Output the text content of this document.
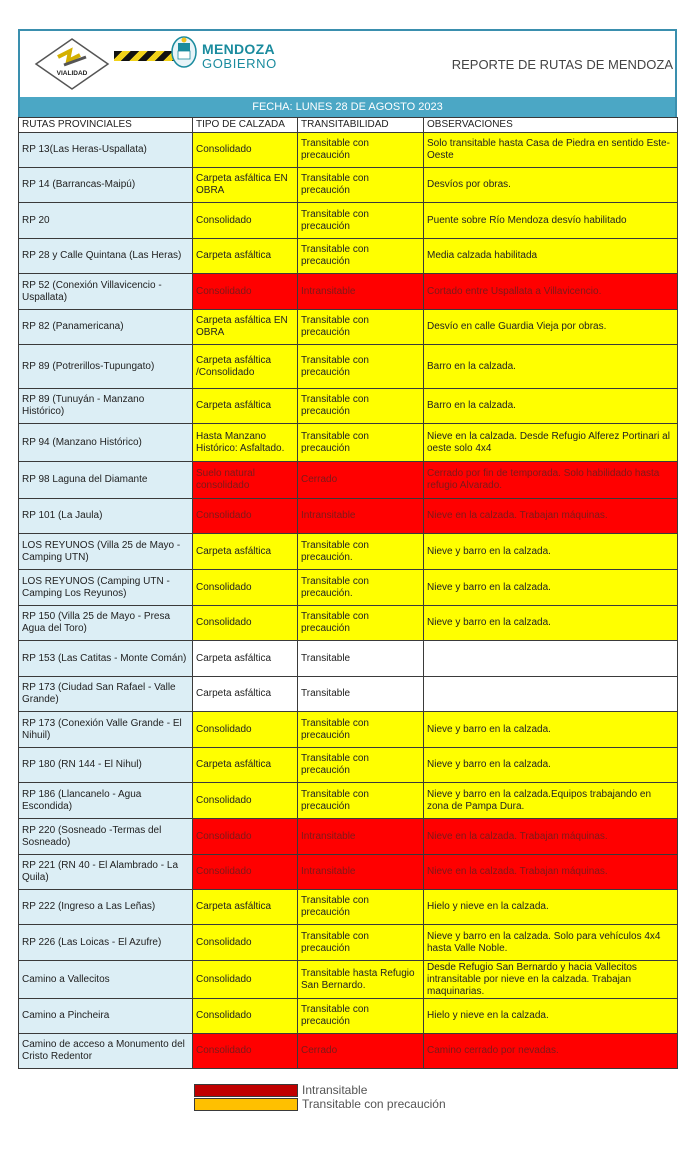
VIALIDAD
MENDOZA
GOBIERNO	REPORTE DE RUTAS DE MENDOZA
FECHA: LUNES 28 DE AGOSTO 2023
RUTAS PROVINCIALES	TIPO DE CALZADA	TRANSITABILIDAD	OBSERVACIONES
RP 13(Las Heras-Uspallata)	Consolidado	Transitable con precaución	Solo transitable hasta Casa de Piedra en sentido Este-Oeste
RP 14 (Barrancas-Maipú)	Carpeta asfáltica EN OBRA	Transitable con precaución	Desvíos por obras.
RP 20	Consolidado	Transitable con precaución	Puente sobre Río Mendoza desvío habilitado
RP 28 y Calle Quintana (Las Heras)	Carpeta asfáltica	Transitable con precaución	Media calzada habilitada
RP 52 (Conexión Villavicencio - Uspallata)	Consolidado	Intransitable	Cortado entre Uspallata a Villavicencio.
RP 82 (Panamericana)	Carpeta asfáltica EN OBRA	Transitable con precaución	Desvío en calle Guardia Vieja por obras.
RP 89 (Potrerillos-Tupungato)	Carpeta asfáltica /Consolidado	Transitable con precaución	Barro en la calzada.
RP 89 (Tunuyán - Manzano Histórico)	Carpeta asfáltica	Transitable con precaución	Barro en la calzada.
RP 94 (Manzano Histórico)	Hasta Manzano Histórico: Asfaltado.	Transitable con precaución	Nieve en la calzada. Desde Refugio Alferez Portinari al oeste solo 4x4
RP 98 Laguna del Diamante	Suelo natural consolidado	Cerrado	Cerrado por fin de temporada. Solo habilidado hasta refugio Alvarado.
RP 101 (La Jaula)	Consolidado	Intransitable	Nieve en la calzada. Trabajan máquinas.
LOS REYUNOS (Villa 25 de Mayo - Camping UTN)	Carpeta asfáltica	Transitable con precaución.	Nieve y barro en la calzada.
LOS REYUNOS (Camping UTN - Camping Los Reyunos)	Consolidado	Transitable con precaución.	Nieve y barro en la calzada.
RP 150 (Villa 25 de Mayo - Presa Agua del Toro)	Consolidado	Transitable con precaución	Nieve y barro en la calzada.
RP 153 (Las Catitas - Monte Comán)	Carpeta asfáltica	Transitable	
RP 173 (Ciudad San Rafael - Valle Grande)	Carpeta asfáltica	Transitable	
RP 173 (Conexión Valle Grande - El Nihuil)	Consolidado	Transitable con precaución	Nieve y barro en la calzada.
RP 180 (RN 144 - El Nihul)	Carpeta asfáltica	Transitable con precaución	Nieve y barro en la calzada.
RP 186 (Llancanelo - Agua Escondida)	Consolidado	Transitable con precaución	Nieve y barro en la calzada.Equipos trabajando en zona de Pampa Dura.
RP 220 (Sosneado -Termas del Sosneado)	Consolidado	Intransitable	Nieve en la calzada. Trabajan máquinas.
RP 221 (RN 40 - El Alambrado - La Quila)	Consolidado	Intransitable	Nieve en la calzada. Trabajan máquinas.
RP 222 (Ingreso a Las Leñas)	Carpeta asfáltica	Transitable con precaución	Hielo y nieve en la calzada.
RP 226 (Las Loicas - El Azufre)	Consolidado	Transitable con precaución	Nieve y barro en la calzada. Solo para vehículos 4x4 hasta Valle Noble.
Camino a Vallecitos	Consolidado	Transitable hasta Refugio San Bernardo.	Desde Refugio San Bernardo y hacia Vallecitos intransitable por nieve en la calzada. Trabajan maquinarias.
Camino a Pincheira	Consolidado	Transitable con precaución	Hielo y nieve en la calzada.
Camino de acceso a Monumento del Cristo Redentor	Consolidado	Cerrado	Camino cerrado por nevadas.
Intransitable
Transitable con precaución
